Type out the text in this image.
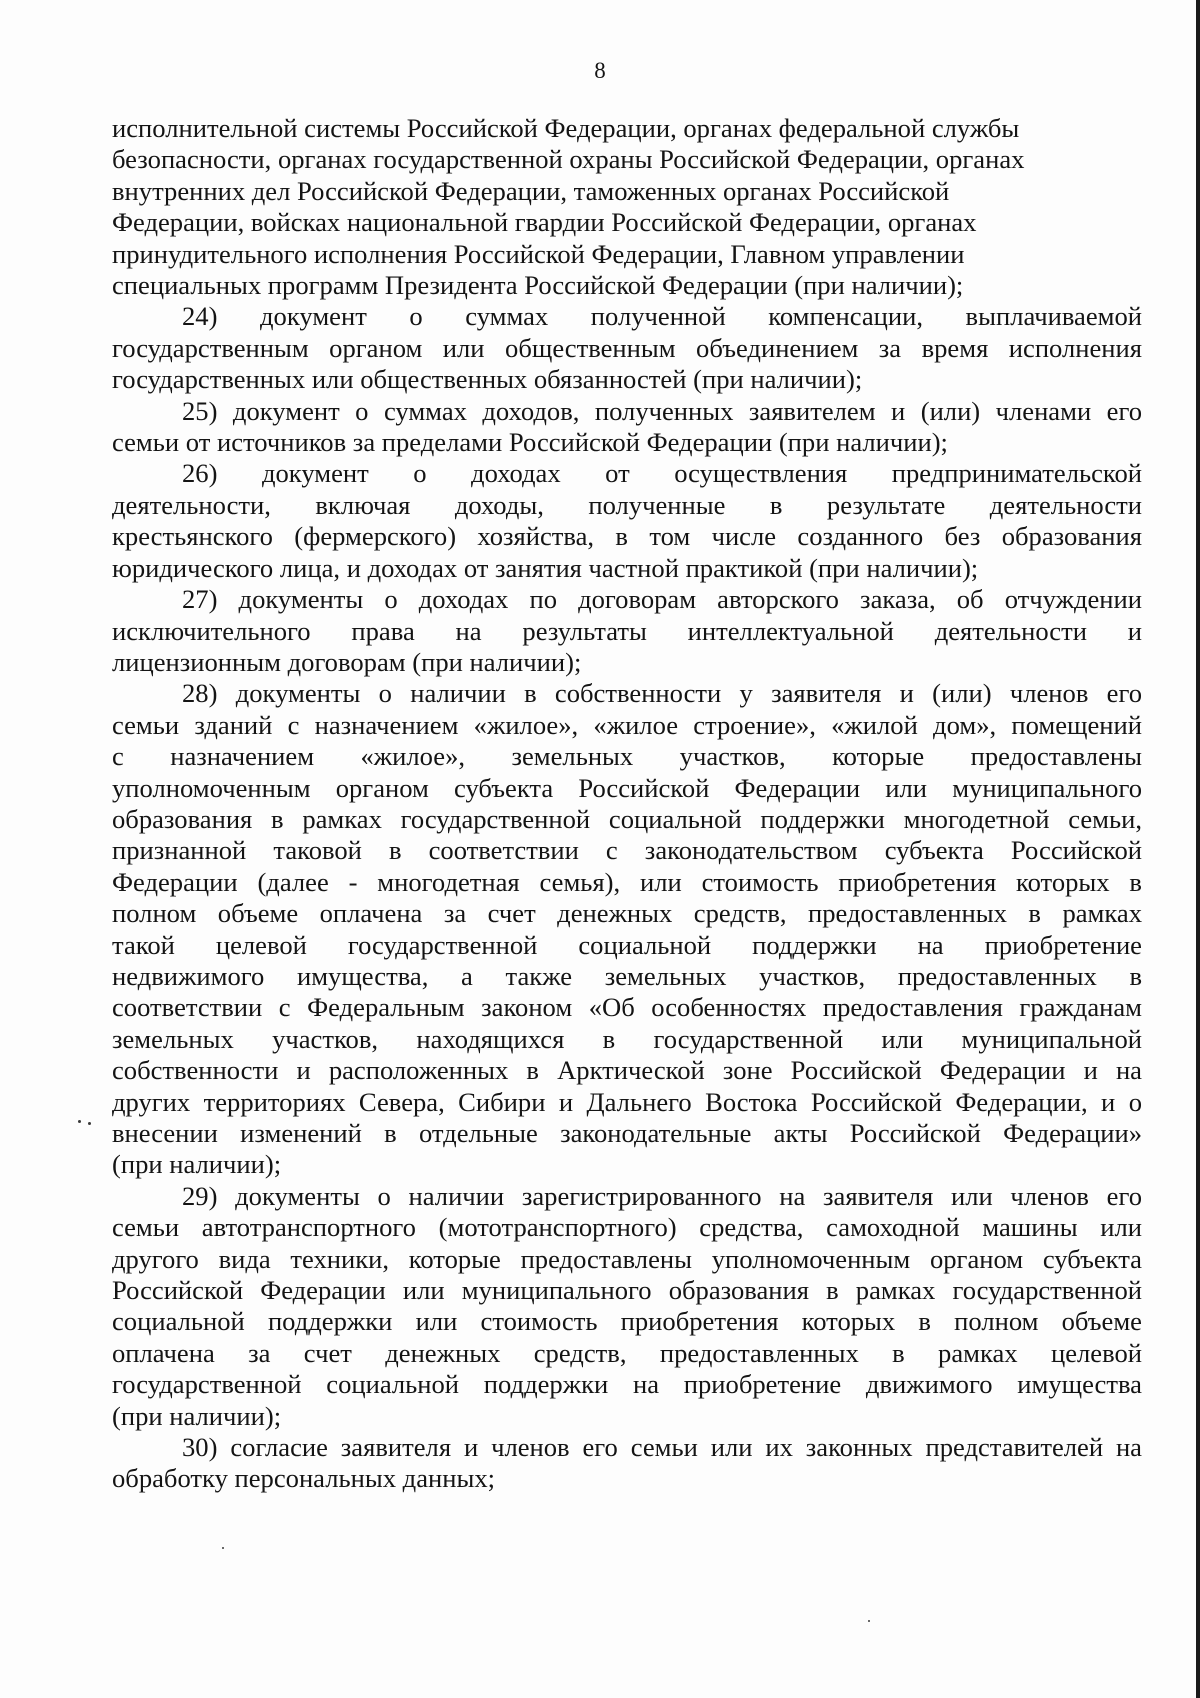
8
исполнительной системы Российской Федерации, органах федеральной службы
безопасности, органах государственной охраны Российской Федерации, органах
внутренних дел Российской Федерации, таможенных органах Российской
Федерации, войсках национальной гвардии Российской Федерации, органах
принудительного исполнения Российской Федерации, Главном управлении
специальных программ Президента Российской Федерации (при наличии);
24) документ о суммах полученной компенсации, выплачиваемой
государственным органом или общественным объединением за время исполнения
государственных или общественных обязанностей (при наличии);
25) документ о суммах доходов, полученных заявителем и (или) членами его
семьи от источников за пределами Российской Федерации (при наличии);
26) документ о доходах от осуществления предпринимательской
деятельности, включая доходы, полученные в результате деятельности
крестьянского (фермерского) хозяйства, в том числе созданного без образования
юридического лица, и доходах от занятия частной практикой (при наличии);
27) документы о доходах по договорам авторского заказа, об отчуждении
исключительного права на результаты интеллектуальной деятельности и
лицензионным договорам (при наличии);
28) документы о наличии в собственности у заявителя и (или) членов его
семьи зданий с назначением «жилое», «жилое строение», «жилой дом», помещений
с назначением «жилое», земельных участков, которые предоставлены
уполномоченным органом субъекта Российской Федерации или муниципального
образования в рамках государственной социальной поддержки многодетной семьи,
признанной таковой в соответствии с законодательством субъекта Российской
Федерации (далее - многодетная семья), или стоимость приобретения которых в
полном объеме оплачена за счет денежных средств, предоставленных в рамках
такой целевой государственной социальной поддержки на приобретение
недвижимого имущества, а также земельных участков, предоставленных в
соответствии с Федеральным законом «Об особенностях предоставления гражданам
земельных участков, находящихся в государственной или муниципальной
собственности и расположенных в Арктической зоне Российской Федерации и на
других территориях Севера, Сибири и Дальнего Востока Российской Федерации, и о
внесении изменений в отдельные законодательные акты Российской Федерации»
(при наличии);
29) документы о наличии зарегистрированного на заявителя или членов его
семьи автотранспортного (мототранспортного) средства, самоходной машины или
другого вида техники, которые предоставлены уполномоченным органом субъекта
Российской Федерации или муниципального образования в рамках государственной
социальной поддержки или стоимость приобретения которых в полном объеме
оплачена за счет денежных средств, предоставленных в рамках целевой
государственной социальной поддержки на приобретение движимого имущества
(при наличии);
30) согласие заявителя и членов его семьи или их законных представителей на
обработку персональных данных;
